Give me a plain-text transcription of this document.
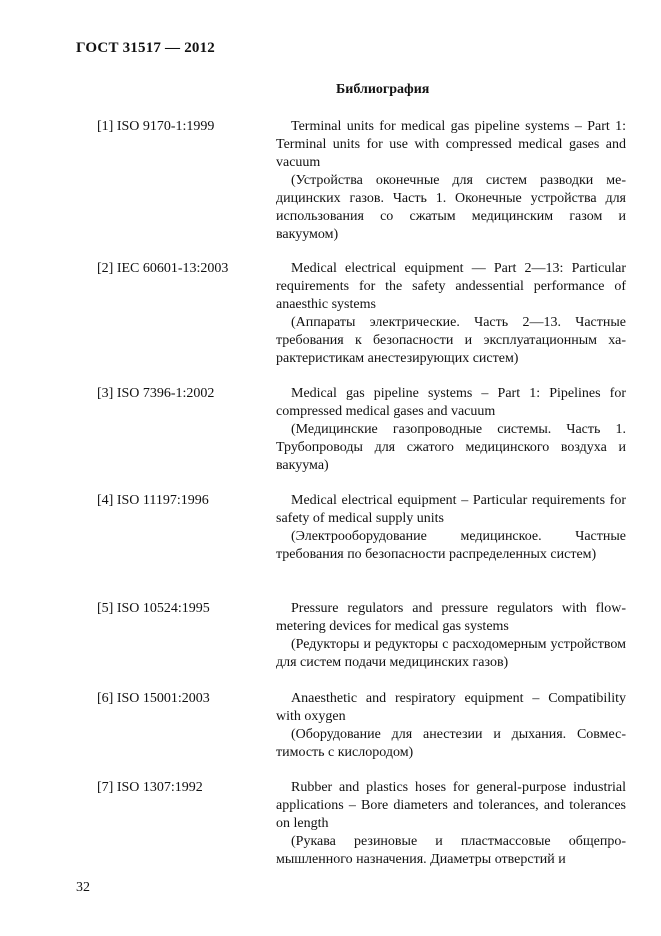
ГОСТ 31517 — 2012
Библиография
[1] ISO 9170-1:1999	Terminal units for medical gas pipeline systems – Part 1: Terminal units for use with compressed medical gases and vacuum

(Устройства оконечные для систем разводки медицинских газов. Часть 1. Оконечные устройства для использования со сжатым медицинским газом и вакуумом)

[2] IEC 60601-13:2003	Medical electrical equipment — Part 2—13: Particular requirements for the safety andessential performance of anaesthic systems

(Аппараты электрические. Часть 2—13. Частные требования к безопасности и эксплуатационным характеристикам анестезирующих систем)

[3] ISO 7396-1:2002	Medical gas pipeline systems – Part 1: Pipelines for compressed medical gases and vacuum

(Медицинские газопроводные системы. Часть 1. Трубопроводы для сжатого медицинского воздуха и вакуума)

[4] ISO 11197:1996	Medical electrical equipment – Particular requirements for safety of medical supply units

(Электрооборудование медицинское. Частные требования по безопасности распределенных систем)

[5] ISO 10524:1995	Pressure regulators and pressure regulators with flow-metering devices for medical gas systems

(Редукторы и редукторы с расходомерным устройством для систем подачи медицинских газов)

[6] ISO 15001:2003	Anaesthetic and respiratory equipment – Compatibility with oxygen

(Оборудование для анестезии и дыхания. Совместимость с кислородом)

[7] ISO 1307:1992	Rubber and plastics hoses for general-purpose industrial applications – Bore diameters and tolerances, and tolerances on length

(Рукава резиновые и пластмассовые общепромышленного назначения. Диаметры отверстий и

32
